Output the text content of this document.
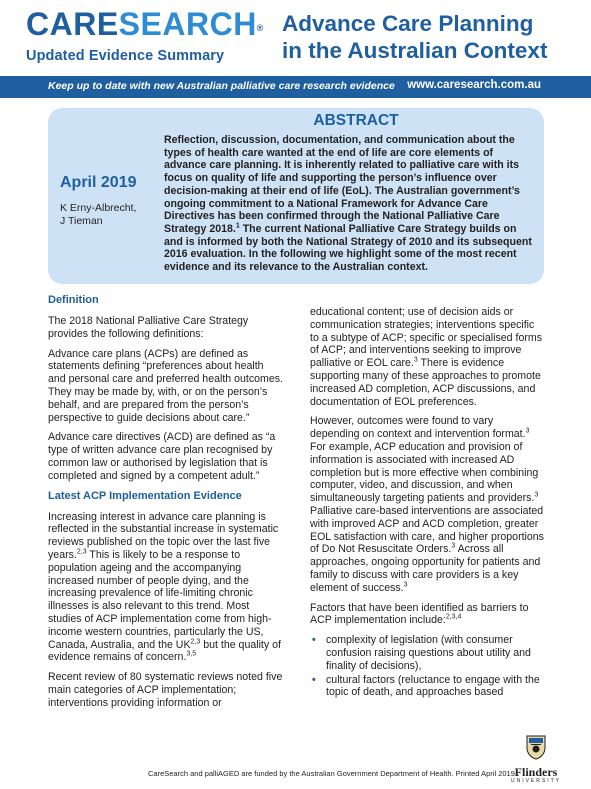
CARESEARCH®
Updated Evidence Summary
Advance Care Planning
in the Australian Context
Keep up to date with new Australian palliative care research evidence www.caresearch.com.au
ABSTRACT
April 2019
K Erny-Albrecht,
J Tieman
Reflection, discussion, documentation, and communication about the types of health care wanted at the end of life are core elements of advance care planning. It is inherently related to palliative care with its focus on quality of life and supporting the person’s influence over decision-making at their end of life (EoL). The Australian government’s ongoing commitment to a National Framework for Advance Care Directives has been confirmed through the National Palliative Care Strategy 2018.$^1$ The current National Palliative Care Strategy builds on and is informed by both the National Strategy of 2010 and its subsequent 2016 evaluation. In the following we highlight some of the most recent evidence and its relevance to the Australian context.
Definition

The 2018 National Palliative Care Strategy provides the following definitions:

Advance care plans (ACPs) are defined as statements defining “preferences about health and personal care and preferred health outcomes. They may be made by, with, or on the person’s behalf, and are prepared from the person’s perspective to guide decisions about care.”

Advance care directives (ACD) are defined as “a type of written advance care plan recognised by common law or authorised by legislation that is completed and signed by a competent adult.”

Latest ACP Implementation Evidence

Increasing interest in advance care planning is reflected in the substantial increase in systematic reviews published on the topic over the last five years.$^{2,3}$ This is likely to be a response to population ageing and the accompanying increased number of people dying, and the increasing prevalence of life-limiting chronic illnesses is also relevant to this trend. Most studies of ACP implementation come from high-income western countries, particularly the US, Canada, Australia, and the UK$^{2,3}$ but the quality of evidence remains of concern.$^{3,5}$

Recent review of 80 systematic reviews noted five main categories of ACP implementation; interventions providing information or

educational content; use of decision aids or communication strategies; interventions specific to a subtype of ACP; specific or specialised forms of ACP; and interventions seeking to improve palliative or EOL care.$^3$ There is evidence supporting many of these approaches to promote increased AD completion, ACP discussions, and documentation of EOL preferences.

However, outcomes were found to vary depending on context and intervention format.$^3$ For example, ACP education and provision of information is associated with increased AD completion but is more effective when combining computer, video, and discussion, and when simultaneously targeting patients and providers.$^3$ Palliative care-based interventions are associated with improved ACP and ACD completion, greater EOL satisfaction with care, and higher proportions of Do Not Resuscitate Orders.$^3$ Across all approaches, ongoing opportunity for patients and family to discuss with care providers is a key element of success.$^3$

Factors that have been identified as barriers to ACP implementation include:$^{2,3,4}$

• complexity of legislation (with consumer confusion raising questions about utility and finality of decisions),
• cultural factors (reluctance to engage with the topic of death, and approaches based
CareSearch and palliAGED are funded by the Australian Government Department of Health. Printed April 2019 Flinders
UNIVERSITY
